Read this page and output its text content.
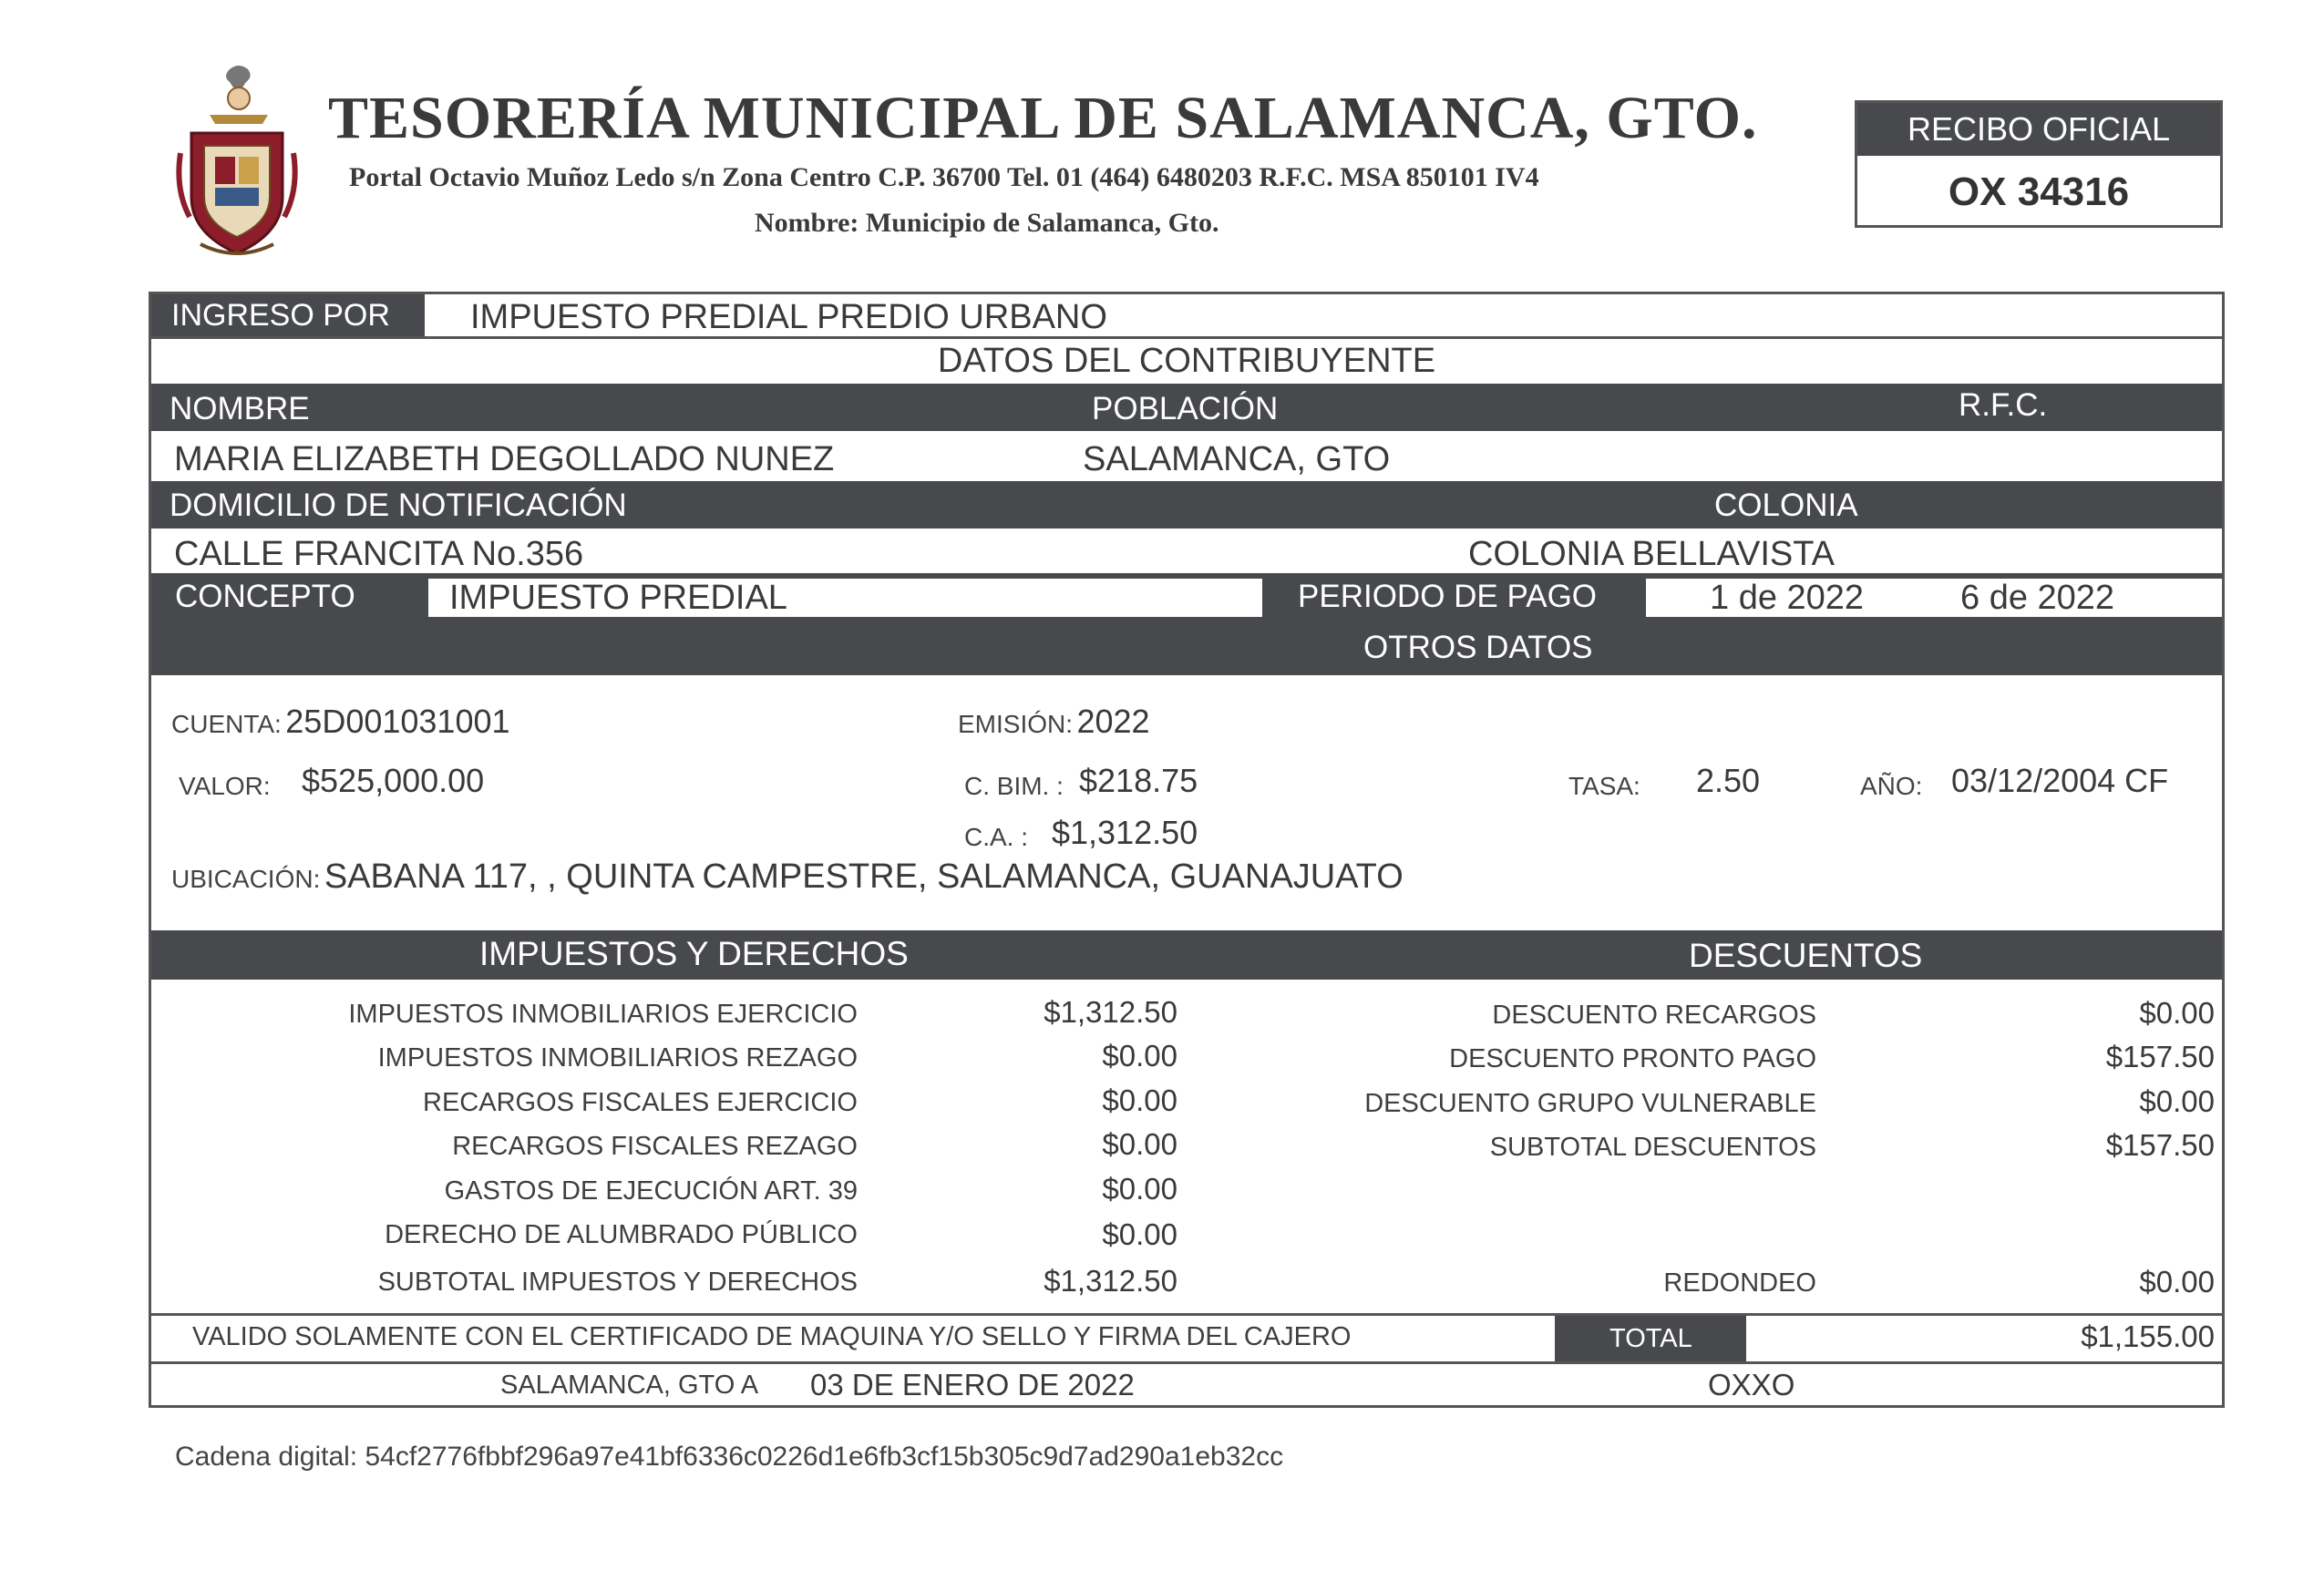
TESORERÍA MUNICIPAL DE SALAMANCA, GTO.
Portal Octavio Muñoz Ledo s/n Zona Centro C.P. 36700 Tel. 01 (464) 6480203 R.F.C. MSA 850101 IV4
Nombre: Municipio de Salamanca, Gto.
RECIBO OFICIAL
OX 34316
INGRESO POR IMPUESTO PREDIAL PREDIO URBANO
DATOS DEL CONTRIBUYENTE
NOMBRE	POBLACIÓN	R.F.C.
MARIA ELIZABETH DEGOLLADO NUNEZ	SALAMANCA, GTO
DOMICILIO DE NOTIFICACIÓN	COLONIA
CALLE FRANCITA No.356	COLONIA BELLAVISTA
CONCEPTO	IMPUESTO PREDIAL	PERIODO DE PAGO	1 de 2022	6 de 2022
OTROS DATOS
CUENTA: 25D001031001	EMISIÓN: 2022
VALOR: $525,000.00	C. BIM. : $218.75	TASA: 2.50	AÑO: 03/12/2004 CF
C.A. : $1,312.50
UBICACIÓN: SABANA 117, , QUINTA CAMPESTRE, SALAMANCA, GUANAJUATO
IMPUESTOS Y DERECHOS	DESCUENTOS
IMPUESTOS INMOBILIARIOS EJERCICIO	$1,312.50
IMPUESTOS INMOBILIARIOS REZAGO	$0.00
RECARGOS FISCALES EJERCICIO	$0.00
RECARGOS FISCALES REZAGO	$0.00
GASTOS DE EJECUCIÓN ART. 39	$0.00
DERECHO DE ALUMBRADO PÚBLICO	$0.00
SUBTOTAL IMPUESTOS Y DERECHOS	$1,312.50
DESCUENTO RECARGOS	$0.00
DESCUENTO PRONTO PAGO	$157.50
DESCUENTO GRUPO VULNERABLE	$0.00
SUBTOTAL DESCUENTOS	$157.50
REDONDEO	$0.00
VALIDO SOLAMENTE CON EL CERTIFICADO DE MAQUINA Y/O SELLO Y FIRMA DEL CAJERO	TOTAL	$1,155.00
SALAMANCA, GTO A 03 DE ENERO DE 2022	OXXO
Cadena digital: 54cf2776fbbf296a97e41bf6336c0226d1e6fb3cf15b305c9d7ad290a1eb32cc
